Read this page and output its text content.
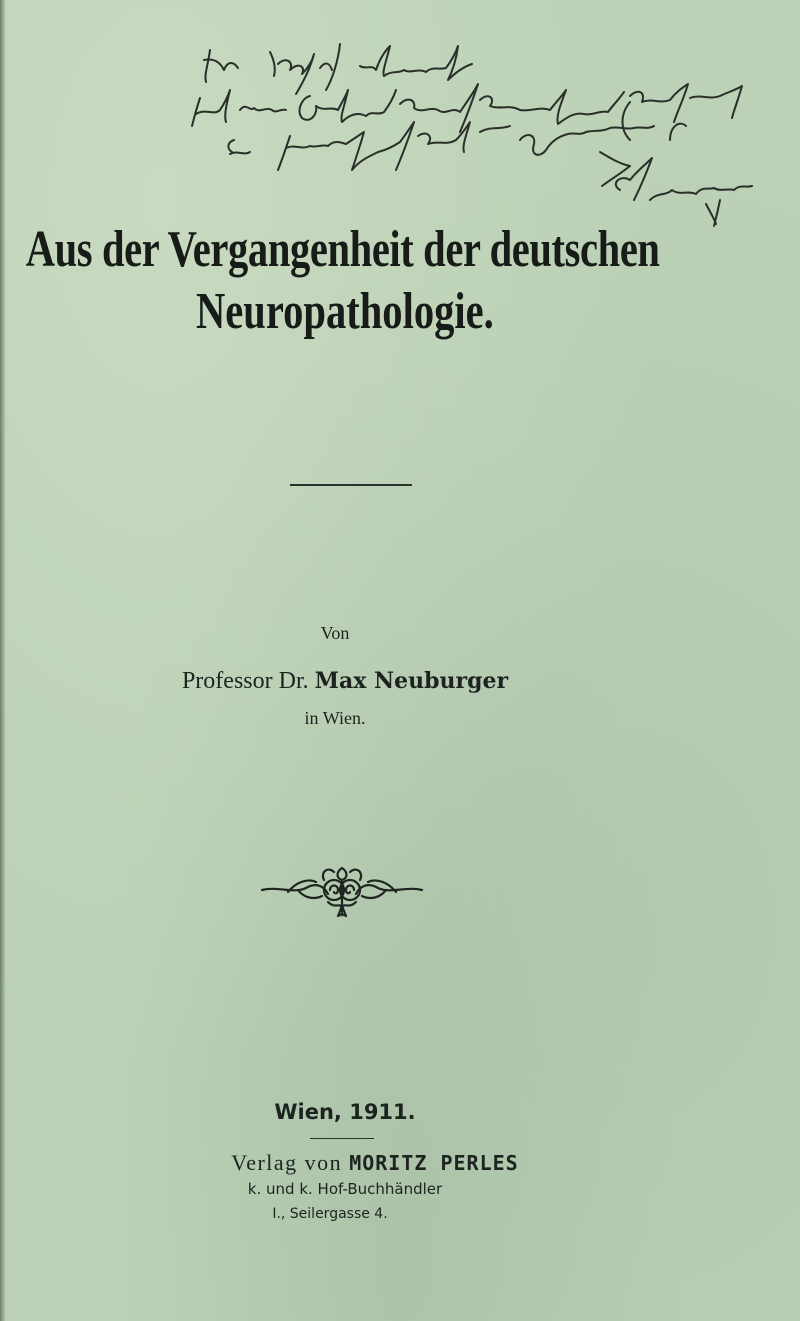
Aus der Vergangenheit der deutschen
Neuropathologie.
Von
Professor Dr. Max Neuburger
in Wien.
Wien, 1911.
Verlag von MORITZ PERLES
k. und k. Hof-Buchhändler
I., Seilergasse 4.
